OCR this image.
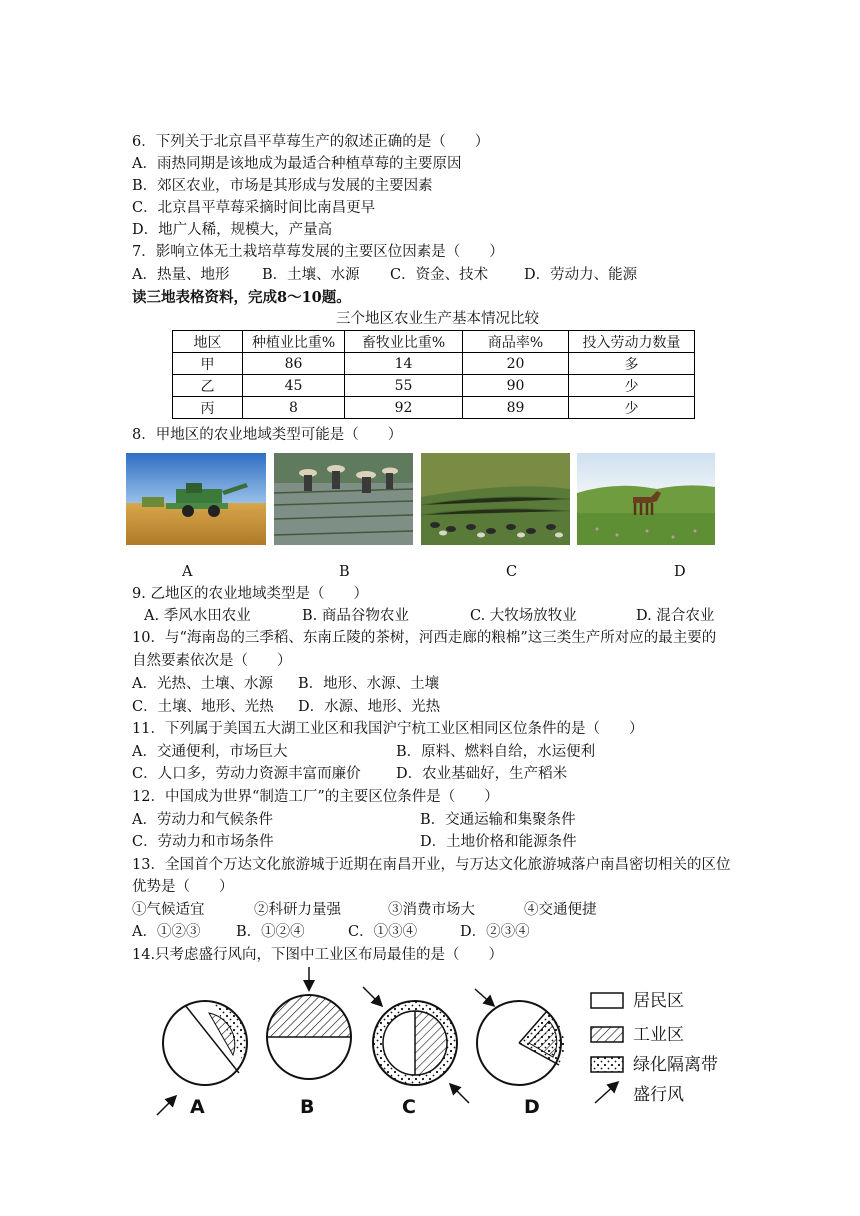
6．下列关于北京昌平草莓生产的叙述正确的是（　　）
A．雨热同期是该地成为最适合种植草莓的主要原因
B．郊区农业，市场是其形成与发展的主要因素
C．北京昌平草莓采摘时间比南昌更早
D．地广人稀，规模大，产量高
7．影响立体无土栽培草莓发展的主要区位因素是（　　）
A．热量、地形 B．土壤、水源 C．资金、技术 D．劳动力、能源
读三地表格资料，完成8～10题。
三个地区农业生产基本情况比较
地区	种植业比重%	畜牧业比重%	商品率%	投入劳动力数量
甲	86	14	20	多
乙	45	55	90	少
丙	8	92	89	少
8．甲地区的农业地域类型可能是（　　）
A	B	C	D
9. 乙地区的农业地域类型是（　　）
A. 季风水田农业	B. 商品谷物农业	C. 大牧场放牧业	D. 混合农业
10．与“海南岛的三季稻、东南丘陵的茶树，河西走廊的粮棉”这三类生产所对应的最主要的
自然要素依次是（　　）
A．光热、土壤、水源 B．地形、水源、土壤
C．土壤、地形、光热 D．水源、地形、光热
11．下列属于美国五大湖工业区和我国沪宁杭工业区相同区位条件的是（　　）
A．交通便利，市场巨大	B．原料、燃料自给，水运便利
C．人口多，劳动力资源丰富而廉价 D．农业基础好，生产稻米
12．中国成为世界“制造工厂”的主要区位条件是（　　）
A．劳动力和气候条件	B．交通运输和集聚条件
C．劳动力和市场条件	D．土地价格和能源条件
13．全国首个万达文化旅游城于近期在南昌开业，与万达文化旅游城落户南昌密切相关的区位
优势是（　　）
①气候适宜	②科研力量强	③消费市场大	④交通便捷
A．①②③ B．①②④	C．①③④	D．②③④
14.只考虑盛行风向，下图中工业区布局最佳的是（　　）
A	B	C	D
居民区
工业区
绿化隔离带
盛行风
